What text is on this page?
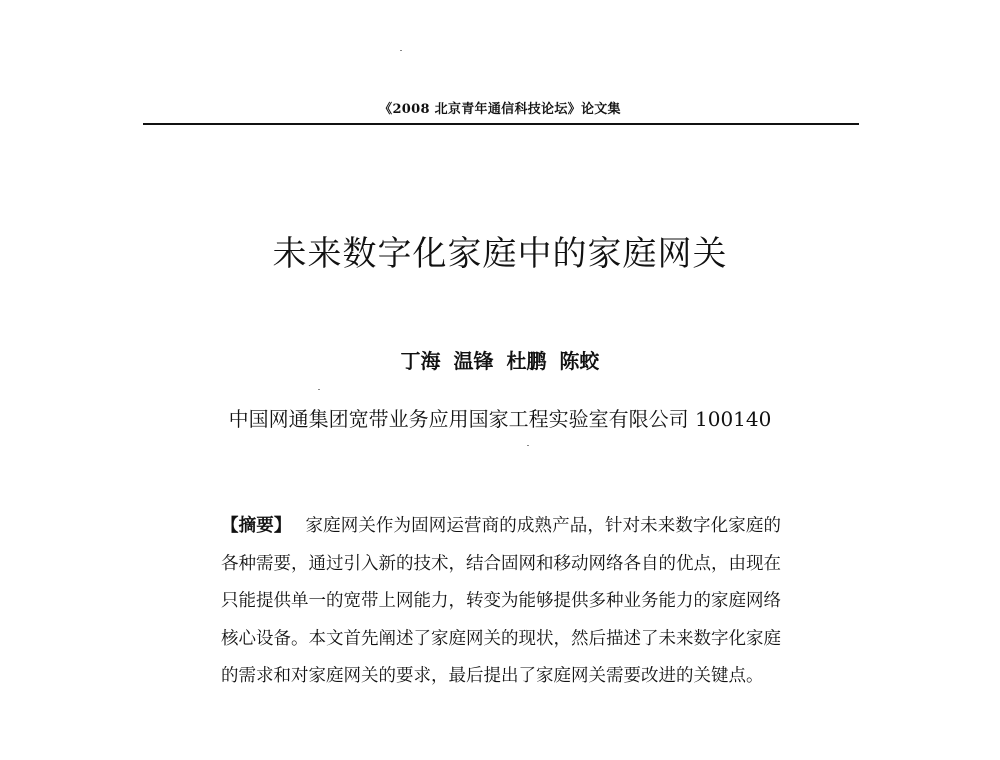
《2008 北京青年通信科技论坛》论文集
未来数字化家庭中的家庭网关
丁海 温锋 杜鹏 陈蛟
中国网通集团宽带业务应用国家工程实验室有限公司 100140
【摘要】 家庭网关作为固网运营商的成熟产品，针对未来数字化家庭的各种需要，通过引入新的技术，结合固网和移动网络各自的优点，由现在只能提供单一的宽带上网能力，转变为能够提供多种业务能力的家庭网络核心设备。本文首先阐述了家庭网关的现状，然后描述了未来数字化家庭的需求和对家庭网关的要求，最后提出了家庭网关需要改进的关键点。
